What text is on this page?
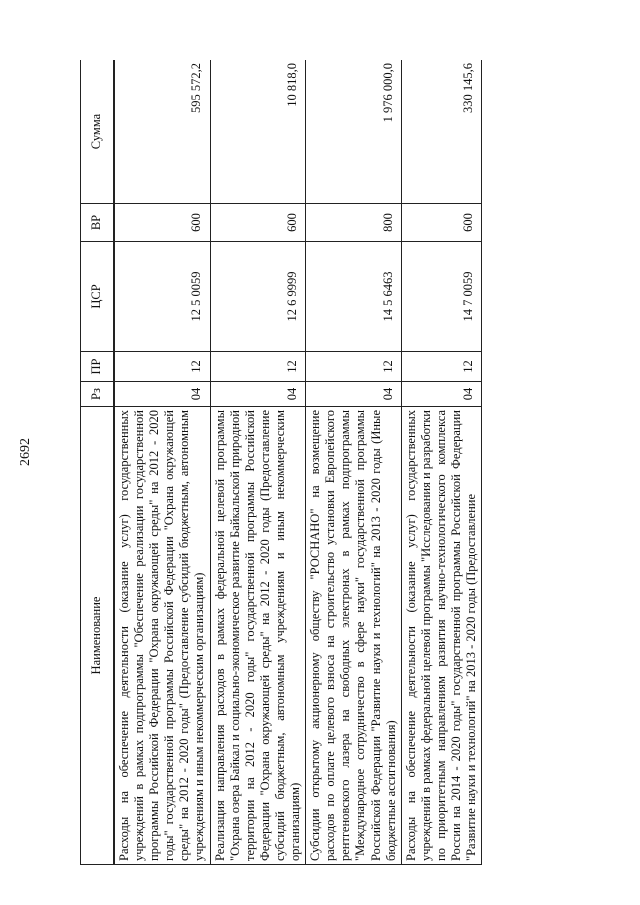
2692
Наименование	Рз	ПР	ЦСР	ВР	Сумма
Расходы на обеспечение деятельности (оказание услуг) государственных учреждений в рамках подпрограммы "Обеспечение реализации государственной программы Российской Федерации "Охрана окружающей среды" на 2012 - 2020 годы" государственной программы Российской Федерации "Охрана окружающей среды" на 2012 - 2020 годы" (Предоставление субсидий бюджетным, автономным учреждениям и иным некоммерческим организациям)	04	12	12 5 0059	600	595 572,2
Реализация направления расходов в рамках федеральной целевой программы "Охрана озера Байкал и социально-экономическое развитие Байкальской природной территории на 2012 - 2020 годы" государственной программы Российской Федерации "Охрана окружающей среды" на 2012 - 2020 годы (Предоставление субсидий бюджетным, автономным учреждениям и иным некоммерческим организациям)	04	12	12 6 9999	600	10 818,0
Субсидии открытому акционерному обществу "РОСНАНО" на возмещение расходов по оплате целевого взноса на строительство установки Европейского рентгеновского лазера на свободных электронах в рамках подпрограммы "Международное сотрудничество в сфере науки" государственной программы Российской Федерации "Развитие науки и технологий" на 2013 - 2020 годы (Иные бюджетные ассигнования)	04	12	14 5 6463	800	1 976 000,0
Расходы на обеспечение деятельности (оказание услуг) государственных учреждений в рамках федеральной целевой программы "Исследования и разработки по приоритетным направлениям развития научно-технологического комплекса России на 2014 - 2020 годы" государственной программы Российской Федерации "Развитие науки и технологий" на 2013 - 2020 годы (Предоставление	04	12	14 7 0059	600	330 145,6
